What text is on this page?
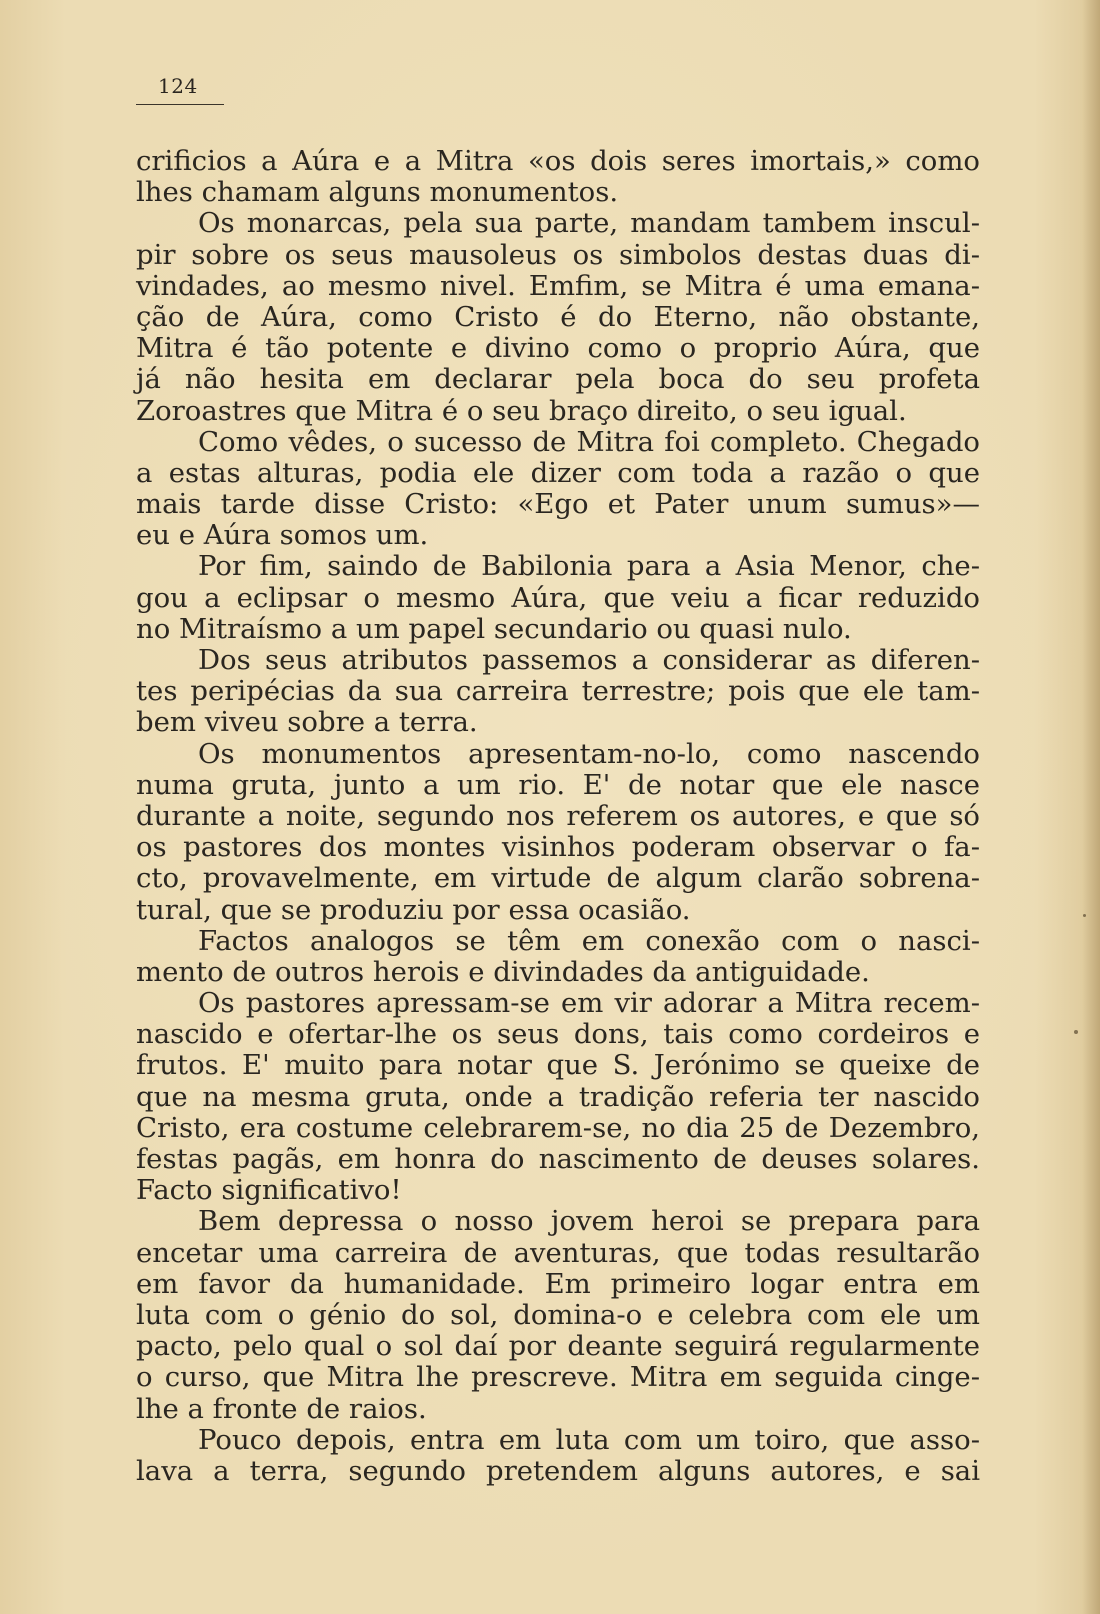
124
crificios a Aúra e a Mitra «os dois seres imortais,» como
lhes chamam alguns monumentos.
Os monarcas, pela sua parte, mandam tambem inscul-
pir sobre os seus mausoleus os simbolos destas duas di-
vindades, ao mesmo nivel. Emfim, se Mitra é uma emana-
ção de Aúra, como Cristo é do Eterno, não obstante,
Mitra é tão potente e divino como o proprio Aúra, que
já não hesita em declarar pela boca do seu profeta
Zoroastres que Mitra é o seu braço direito, o seu igual.
Como vêdes, o sucesso de Mitra foi completo. Chegado
a estas alturas, podia ele dizer com toda a razão o que
mais tarde disse Cristo: «Ego et Pater unum sumus»—
eu e Aúra somos um.
Por fim, saindo de Babilonia para a Asia Menor, che-
gou a eclipsar o mesmo Aúra, que veiu a ficar reduzido
no Mitraísmo a um papel secundario ou quasi nulo.
Dos seus atributos passemos a considerar as diferen-
tes peripécias da sua carreira terrestre; pois que ele tam-
bem viveu sobre a terra.
Os monumentos apresentam-no-lo, como nascendo
numa gruta, junto a um rio. E' de notar que ele nasce
durante a noite, segundo nos referem os autores, e que só
os pastores dos montes visinhos poderam observar o fa-
cto, provavelmente, em virtude de algum clarão sobrena-
tural, que se produziu por essa ocasião.
Factos analogos se têm em conexão com o nasci-
mento de outros herois e divindades da antiguidade.
Os pastores apressam-se em vir adorar a Mitra recem-
nascido e ofertar-lhe os seus dons, tais como cordeiros e
frutos. E' muito para notar que S. Jerónimo se queixe de
que na mesma gruta, onde a tradição referia ter nascido
Cristo, era costume celebrarem-se, no dia 25 de Dezembro,
festas pagãs, em honra do nascimento de deuses solares.
Facto significativo!
Bem depressa o nosso jovem heroi se prepara para
encetar uma carreira de aventuras, que todas resultarão
em favor da humanidade. Em primeiro logar entra em
luta com o génio do sol, domina-o e celebra com ele um
pacto, pelo qual o sol daí por deante seguirá regularmente
o curso, que Mitra lhe prescreve. Mitra em seguida cinge-
lhe a fronte de raios.
Pouco depois, entra em luta com um toiro, que asso-
lava a terra, segundo pretendem alguns autores, e sai
